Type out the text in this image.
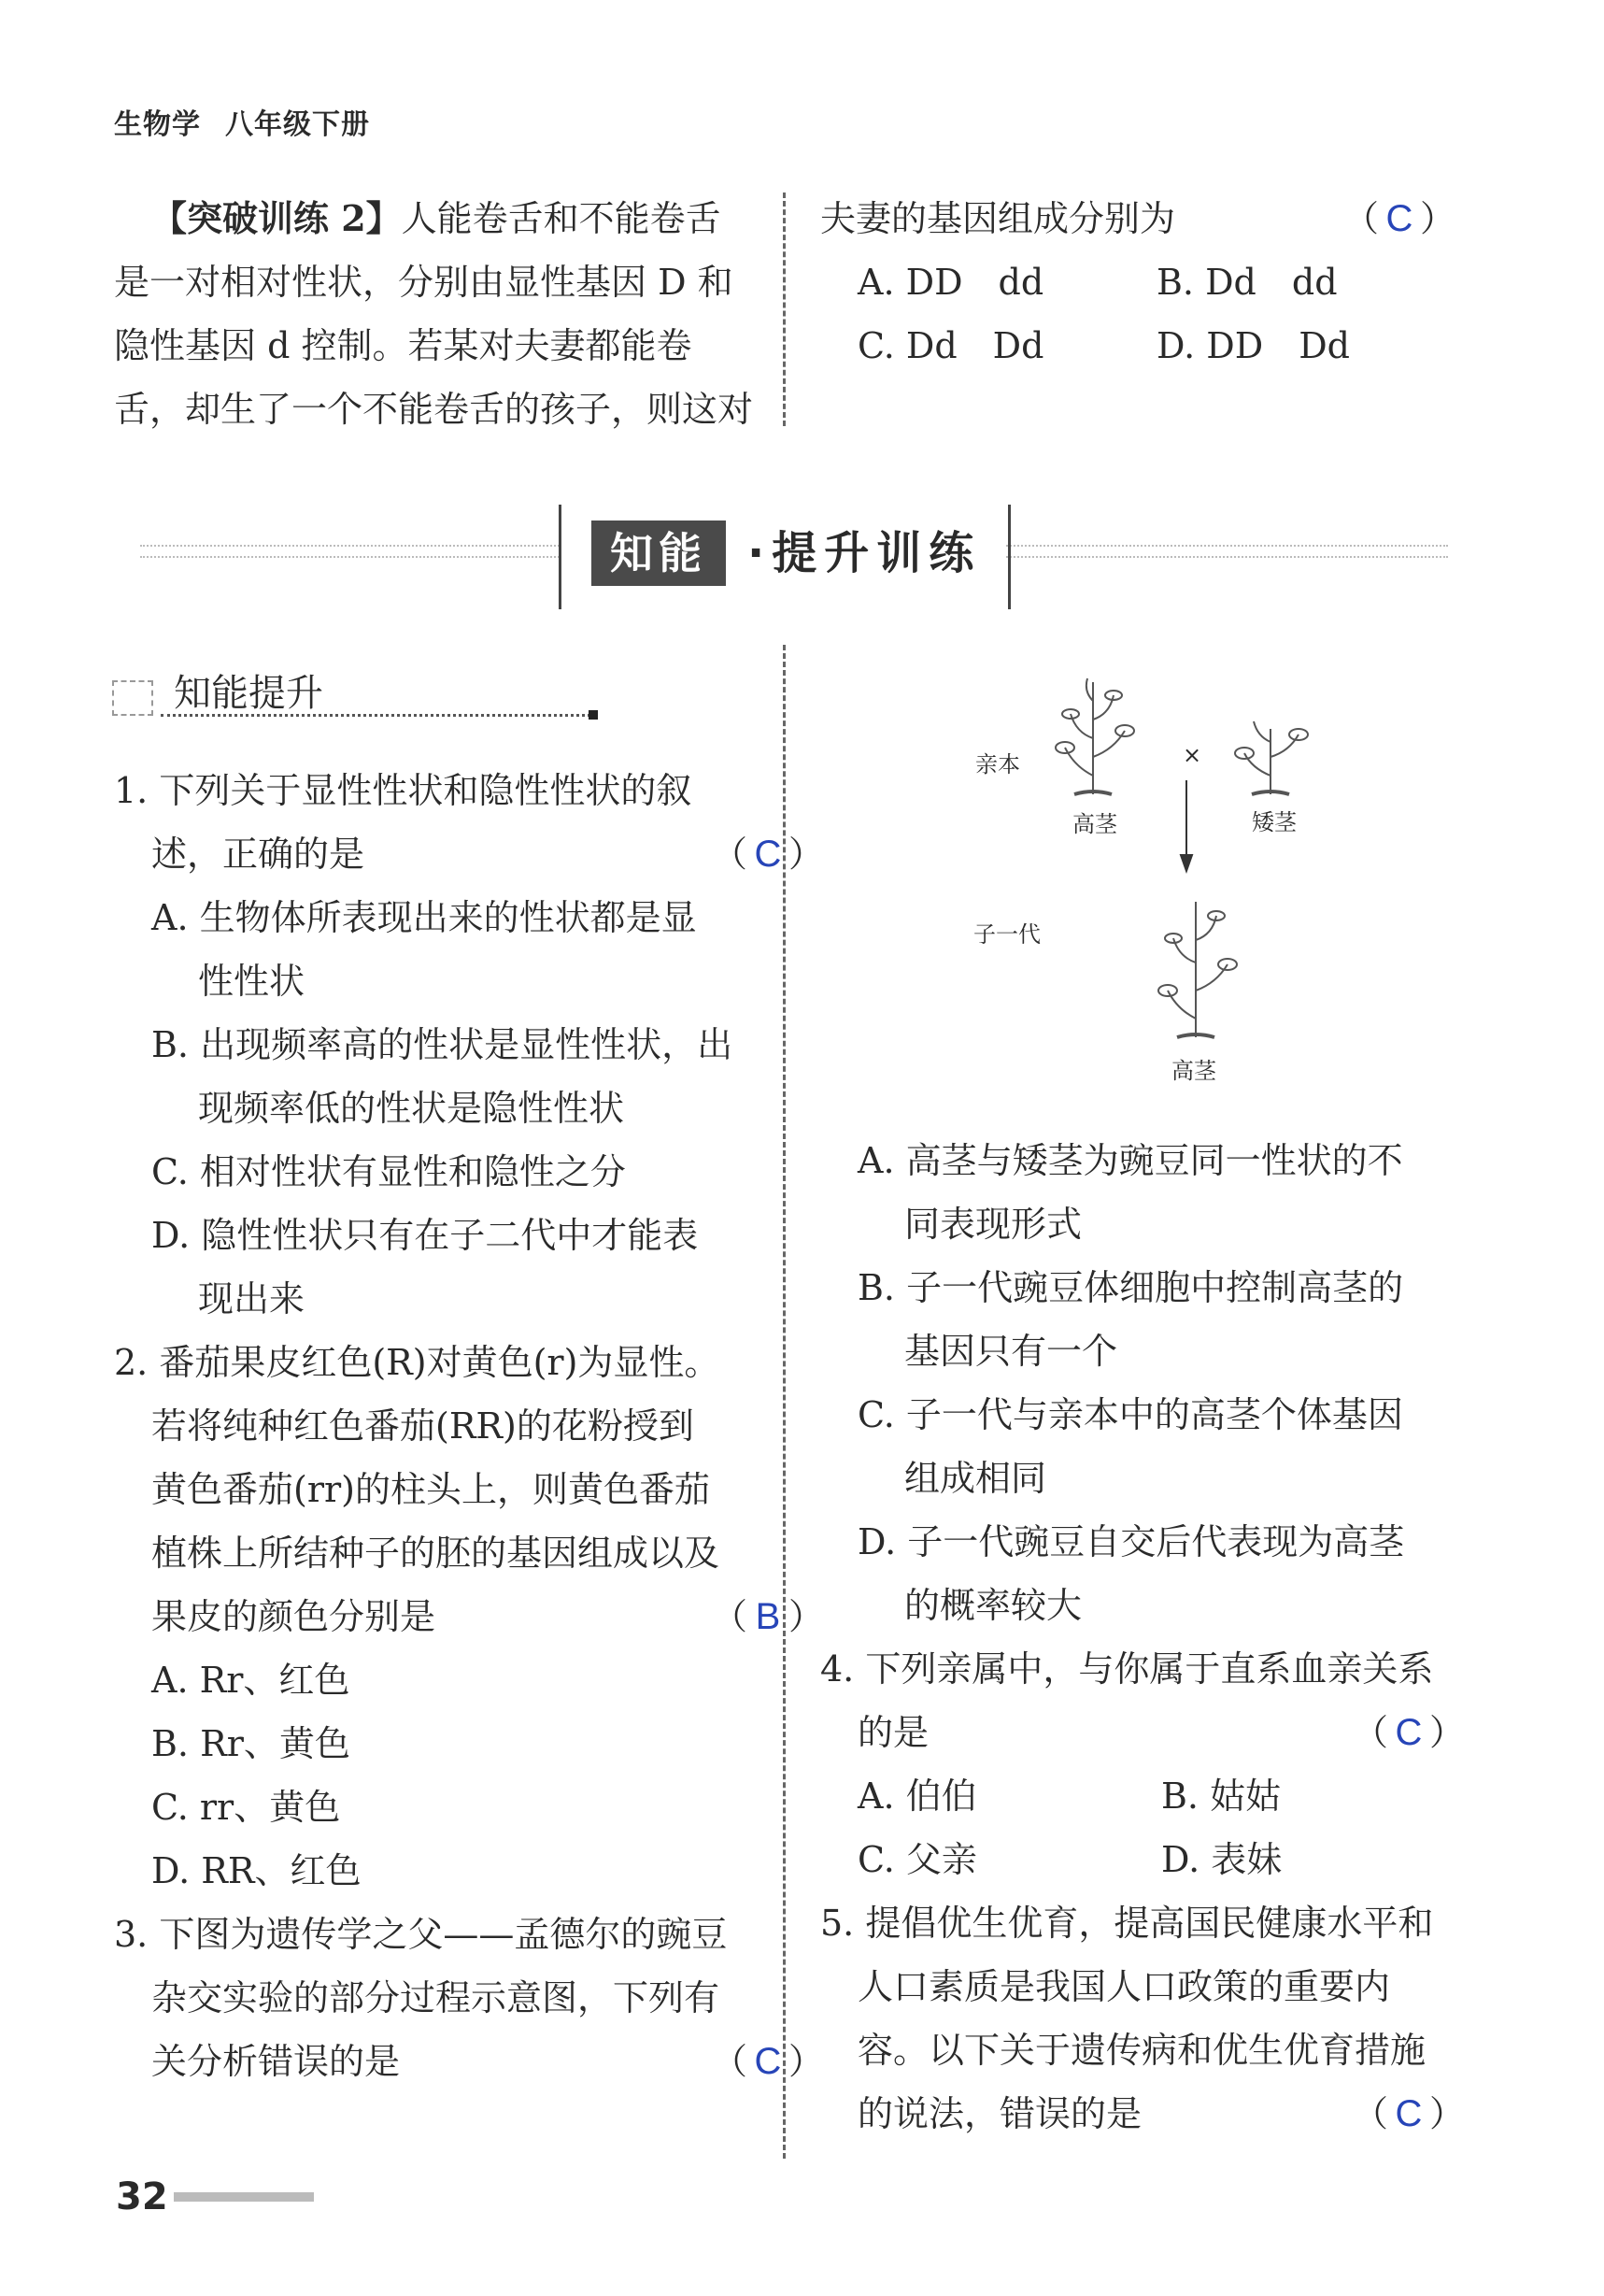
生物学 八年级下册

【突破训练 2】人能卷舌和不能卷舌

是一对相对性状，分别由显性基因 D 和

隐性基因 d 控制。若某对夫妻都能卷

舌，却生了一个不能卷舌的孩子，则这对

夫妻的基因组成分别为	（ C ）

A. DD　dd	B. Dd　dd
C. Dd　Dd	D. DD　Dd
知能 ·提升训练
知能提升

1. 下列关于显性性状和隐性性状的叙

述，正确的是	（ C ）

A. 生物体所表现出来的性状都是显

性性状

B. 出现频率高的性状是显性性状，出

现频率低的性状是隐性性状

C. 相对性状有显性和隐性之分

D. 隐性性状只有在子二代中才能表

现出来

2. 番茄果皮红色(R)对黄色(r)为显性。

若将纯种红色番茄(RR)的花粉授到

黄色番茄(rr)的柱头上，则黄色番茄

植株上所结种子的胚的基因组成以及

果皮的颜色分别是	（ B ）

A. Rr、红色

B. Rr、黄色

C. rr、黄色

D. RR、红色

3. 下图为遗传学之父——孟德尔的豌豆

杂交实验的部分过程示意图，下列有

关分析错误的是	（ C ）

亲本	×
高茎	矮茎
子一代
高茎

A. 高茎与矮茎为豌豆同一性状的不

同表现形式

B. 子一代豌豆体细胞中控制高茎的

基因只有一个

C. 子一代与亲本中的高茎个体基因

组成相同

D. 子一代豌豆自交后代表现为高茎

的概率较大

4. 下列亲属中，与你属于直系血亲关系

的是	（ C ）

A. 伯伯	B. 姑姑
C. 父亲	D. 表妹

5. 提倡优生优育，提高国民健康水平和

人口素质是我国人口政策的重要内

容。以下关于遗传病和优生优育措施

的说法，错误的是	（ C ）

32
